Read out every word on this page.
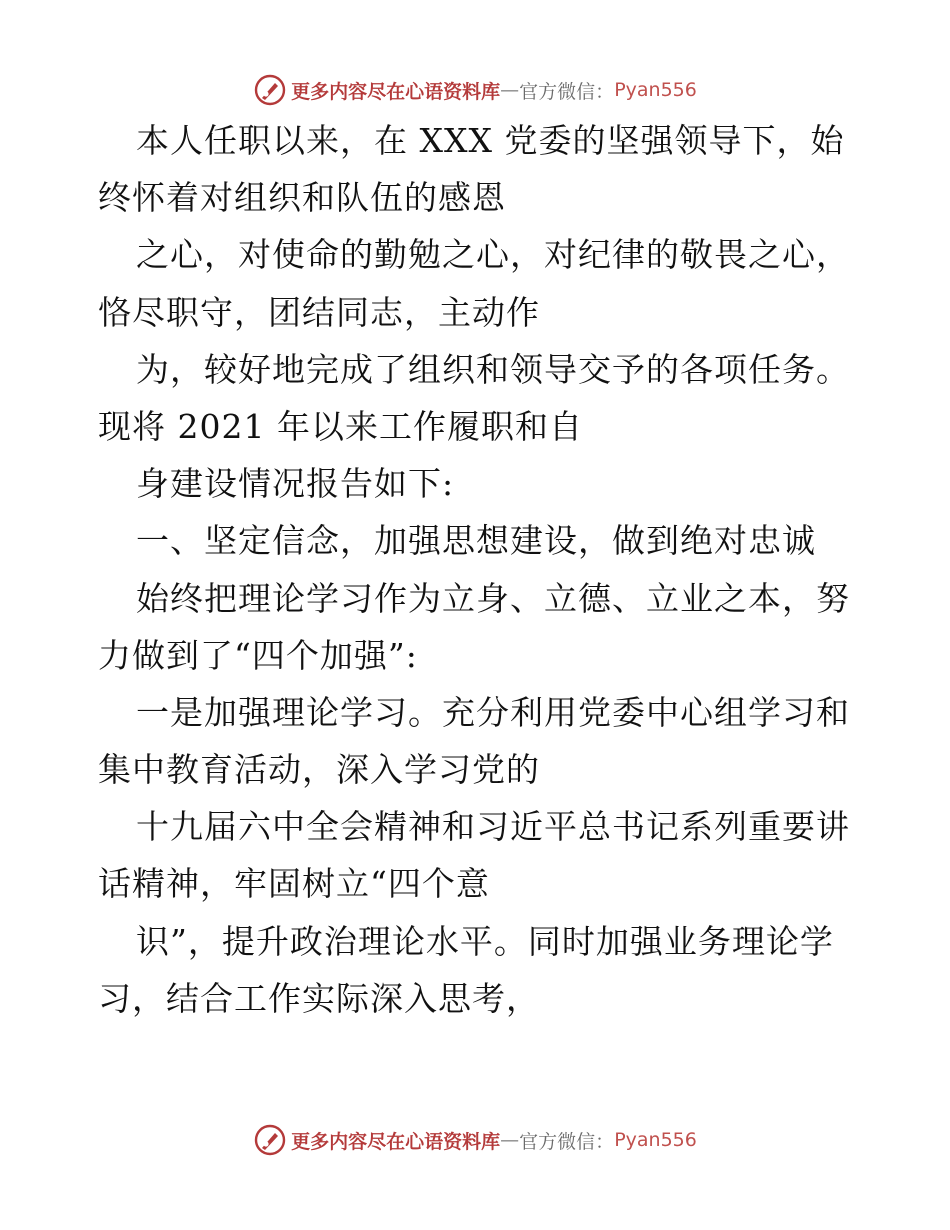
更多内容尽在心语资料库 — 官方微信： Pyan556
本人任职以来，在 XXX 党委的坚强领导下，始
终怀着对组织和队伍的感恩
之心，对使命的勤勉之心，对纪律的敬畏之心，
恪尽职守，团结同志，主动作
为，较好地完成了组织和领导交予的各项任务。
现将 2021 年以来工作履职和自
身建设情况报告如下:
一、坚定信念，加强思想建设，做到绝对忠诚
始终把理论学习作为立身、立德、立业之本，努
力做到了“四个加强”:
一是加强理论学习。充分利用党委中心组学习和
集中教育活动，深入学习党的
十九届六中全会精神和习近平总书记系列重要讲
话精神，牢固树立“四个意
识”，提升政治理论水平。同时加强业务理论学
习，结合工作实际深入思考，
更多内容尽在心语资料库 — 官方微信： Pyan556
